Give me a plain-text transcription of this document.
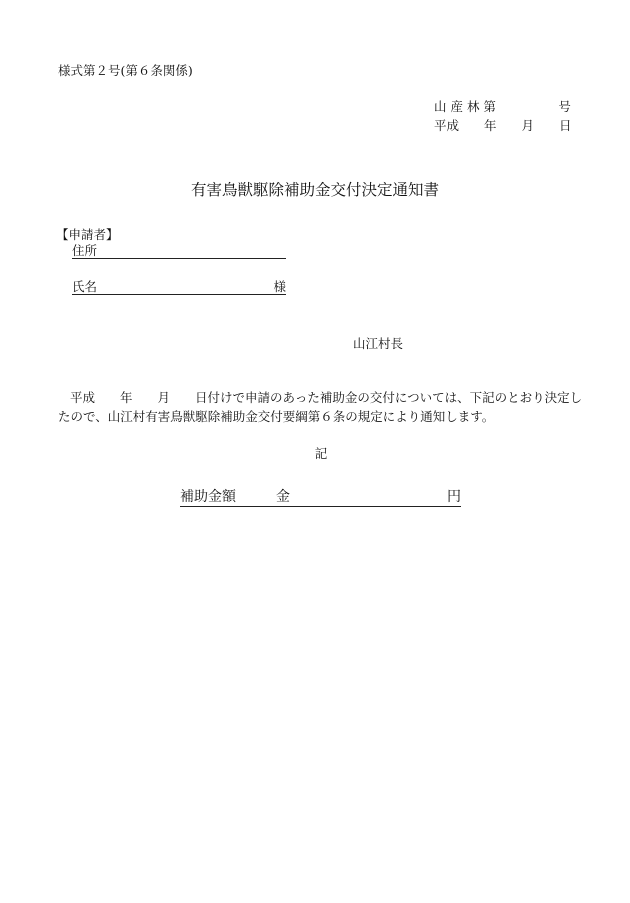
様式第２号(第６条関係)
山 産 林 第　　　　　号
平成　　年　　月　　日
有害鳥獣駆除補助金交付決定通知書
【申請者】
住所
氏名	様
山江村長
平成　　年　　月　　日付けで申請のあった補助金の交付については、下記のとおり決定したので、山江村有害鳥獣駆除補助金交付要綱第６条の規定により通知します。
記
補助金額	金	円
